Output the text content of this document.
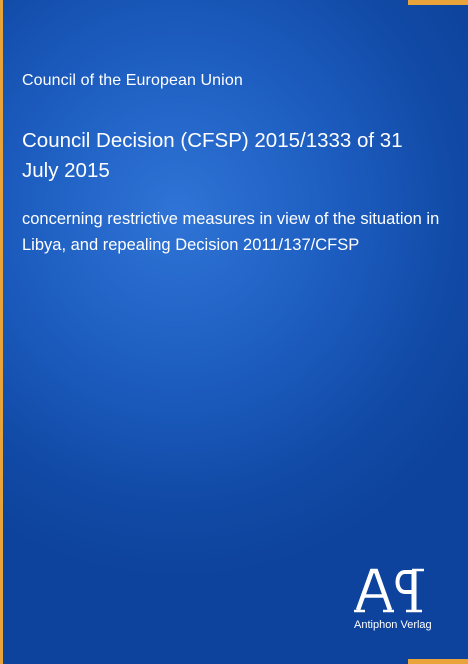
Council of the European Union
Council Decision (CFSP) 2015/1333 of 31 July 2015
concerning restrictive measures in view of the situation in Libya, and repealing Decision 2011/137/CFSP
Antiphon Verlag
